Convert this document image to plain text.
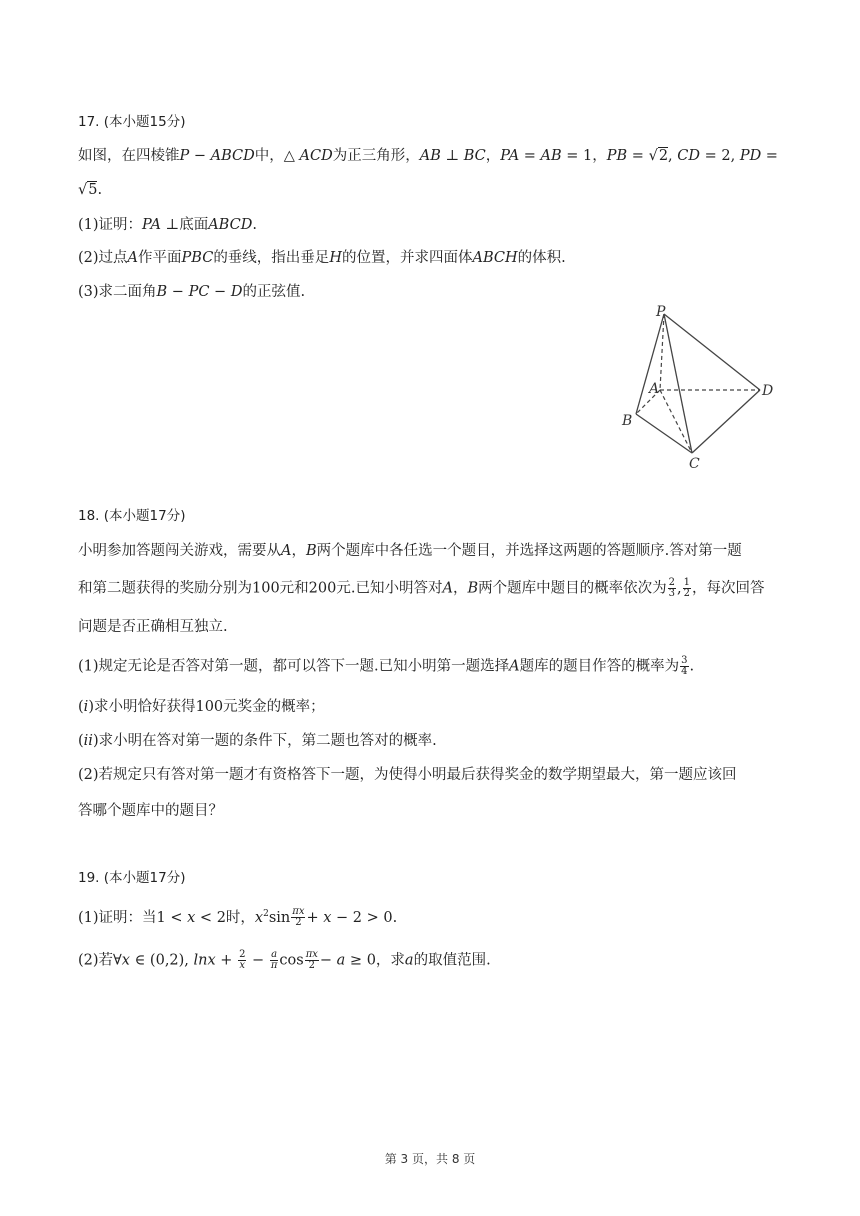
17. (本小题15分)
如图，在四棱锥P − ABCD中，△ ACD为正三角形，AB ⊥ BC，PA = AB = 1，PB = √2, CD = 2, PD =
√5.
(1)证明：PA ⊥底面ABCD.
(2)过点A作平面PBC的垂线，指出垂足H的位置，并求四面体ABCH的体积.
(3)求二面角B − PC − D的正弦值.
P
A	D
B
C
18. (本小题17分)
小明参加答题闯关游戏，需要从A，B两个题库中各任选一个题目，并选择这两题的答题顺序.答对第一题
和第二题获得的奖励分别为100元和200元.已知小明答对A，B两个题库中题目的概率依次为 $\frac{2}{3}$ , $\frac{1}{2}$ ，每次回答
问题是否正确相互独立.
(1)规定无论是否答对第一题，都可以答下一题.已知小明第一题选择A题库的题目作答的概率为 $\frac{3}{4}$ .
(i)求小明恰好获得100元奖金的概率；
(ii)求小明在答对第一题的条件下，第二题也答对的概率.
(2)若规定只有答对第一题才有资格答下一题，为使得小明最后获得奖金的数学期望最大，第一题应该回
答哪个题库中的题目？
19. (本小题17分)
(1)证明：当1 < x < 2时，$x^2\sin \frac{\pi x}{2} + x - 2 > 0$.
(2)若∀x ∈ (0,2), $\ln x + \frac{2}{x} - \frac{a}{\pi}$ $\cos \frac{\pi x}{2} - a \ge 0$，求a的取值范围.
第 3 页，共 8 页
